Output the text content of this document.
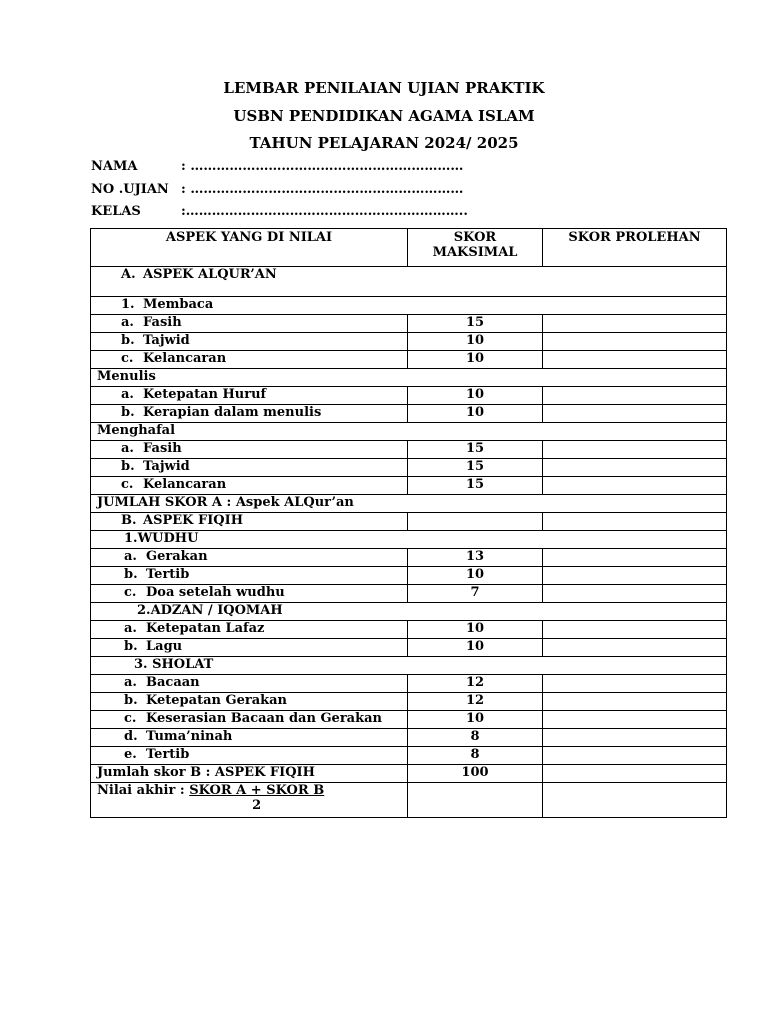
LEMBAR PENILAIAN UJIAN PRAKTIK
USBN PENDIDIKAN AGAMA ISLAM
TAHUN PELAJARAN 2024/ 2025
NAMA	: ………………………………………………………
NO .UJIAN : ………………………………………………………
KELAS	:………………………………………………………..
ASPEK YANG DI NILAI	SKOR MAKSIMAL	SKOR PROLEHAN
A. ASPEK ALQUR’AN		
1. Membaca		
a. Fasih	15	
b. Tajwid	10	
c. Kelancaran	10	
Menulis		
a. Ketepatan Huruf	10	
b. Kerapian dalam menulis	10	
Menghafal		
a. Fasih	15	
b. Tajwid	15	
c. Kelancaran	15	
JUMLAH SKOR A : Aspek ALQur’an		
B. ASPEK FIQIH		
1.WUDHU		
a. Gerakan	13	
b. Tertib	10	
c. Doa setelah wudhu	7	
2.ADZAN / IQOMAH		
a. Ketepatan Lafaz	10	
b. Lagu	10	
3. SHOLAT		
a. Bacaan	12	
b. Ketepatan Gerakan	12	
c. Keserasian Bacaan dan Gerakan	10	
d. Tuma’ninah	8	
e. Tertib	8	
Jumlah skor B : ASPEK FIQIH	100	
Nilai akhir : $\frac{\text{SKOR A + SKOR B}}{2}$
